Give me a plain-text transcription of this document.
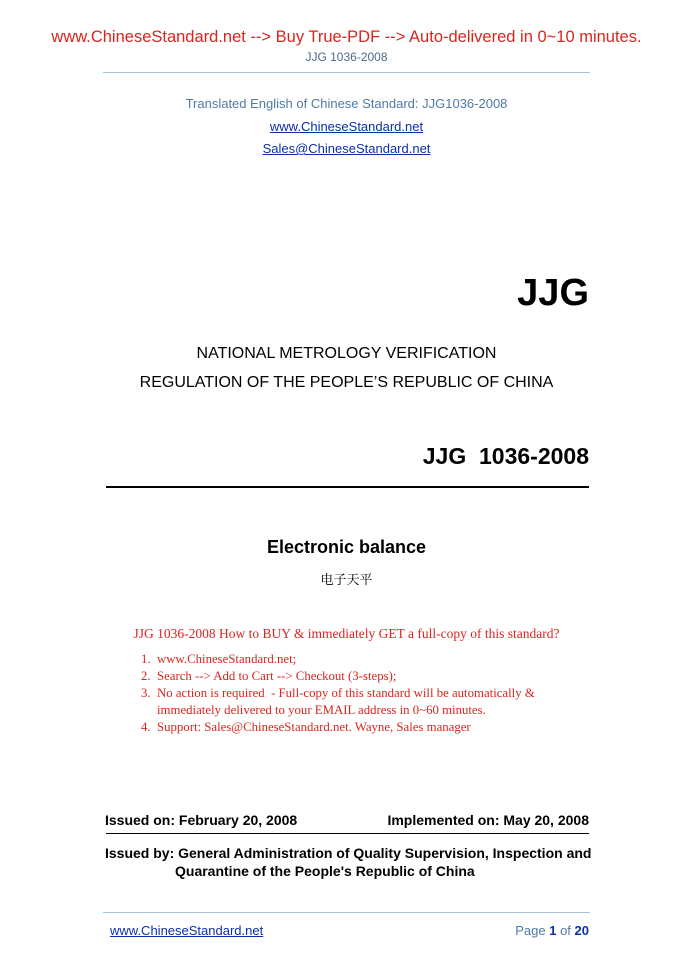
www.ChineseStandard.net --> Buy True-PDF --> Auto-delivered in 0~10 minutes.
JJG 1036-2008
Translated English of Chinese Standard: JJG1036-2008
www.ChineseStandard.net
Sales@ChineseStandard.net
JJG
NATIONAL METROLOGY VERIFICATION
REGULATION OF THE PEOPLE’S REPUBLIC OF CHINA
JJG  1036-2008
Electronic balance
电子天平
JJG 1036-2008 How to BUY & immediately GET a full-copy of this standard?
1. www.ChineseStandard.net;
2. Search --> Add to Cart --> Checkout (3-steps);
3. No action is required  - Full-copy of this standard will be automatically &
immediately delivered to your EMAIL address in 0~60 minutes.
4. Support: Sales@ChineseStandard.net. Wayne, Sales manager
Issued on: February 20, 2008	Implemented on: May 20, 2008
Issued by: General Administration of Quality Supervision, Inspection and
Quarantine of the People's Republic of China
www.ChineseStandard.net	Page 1 of 20
